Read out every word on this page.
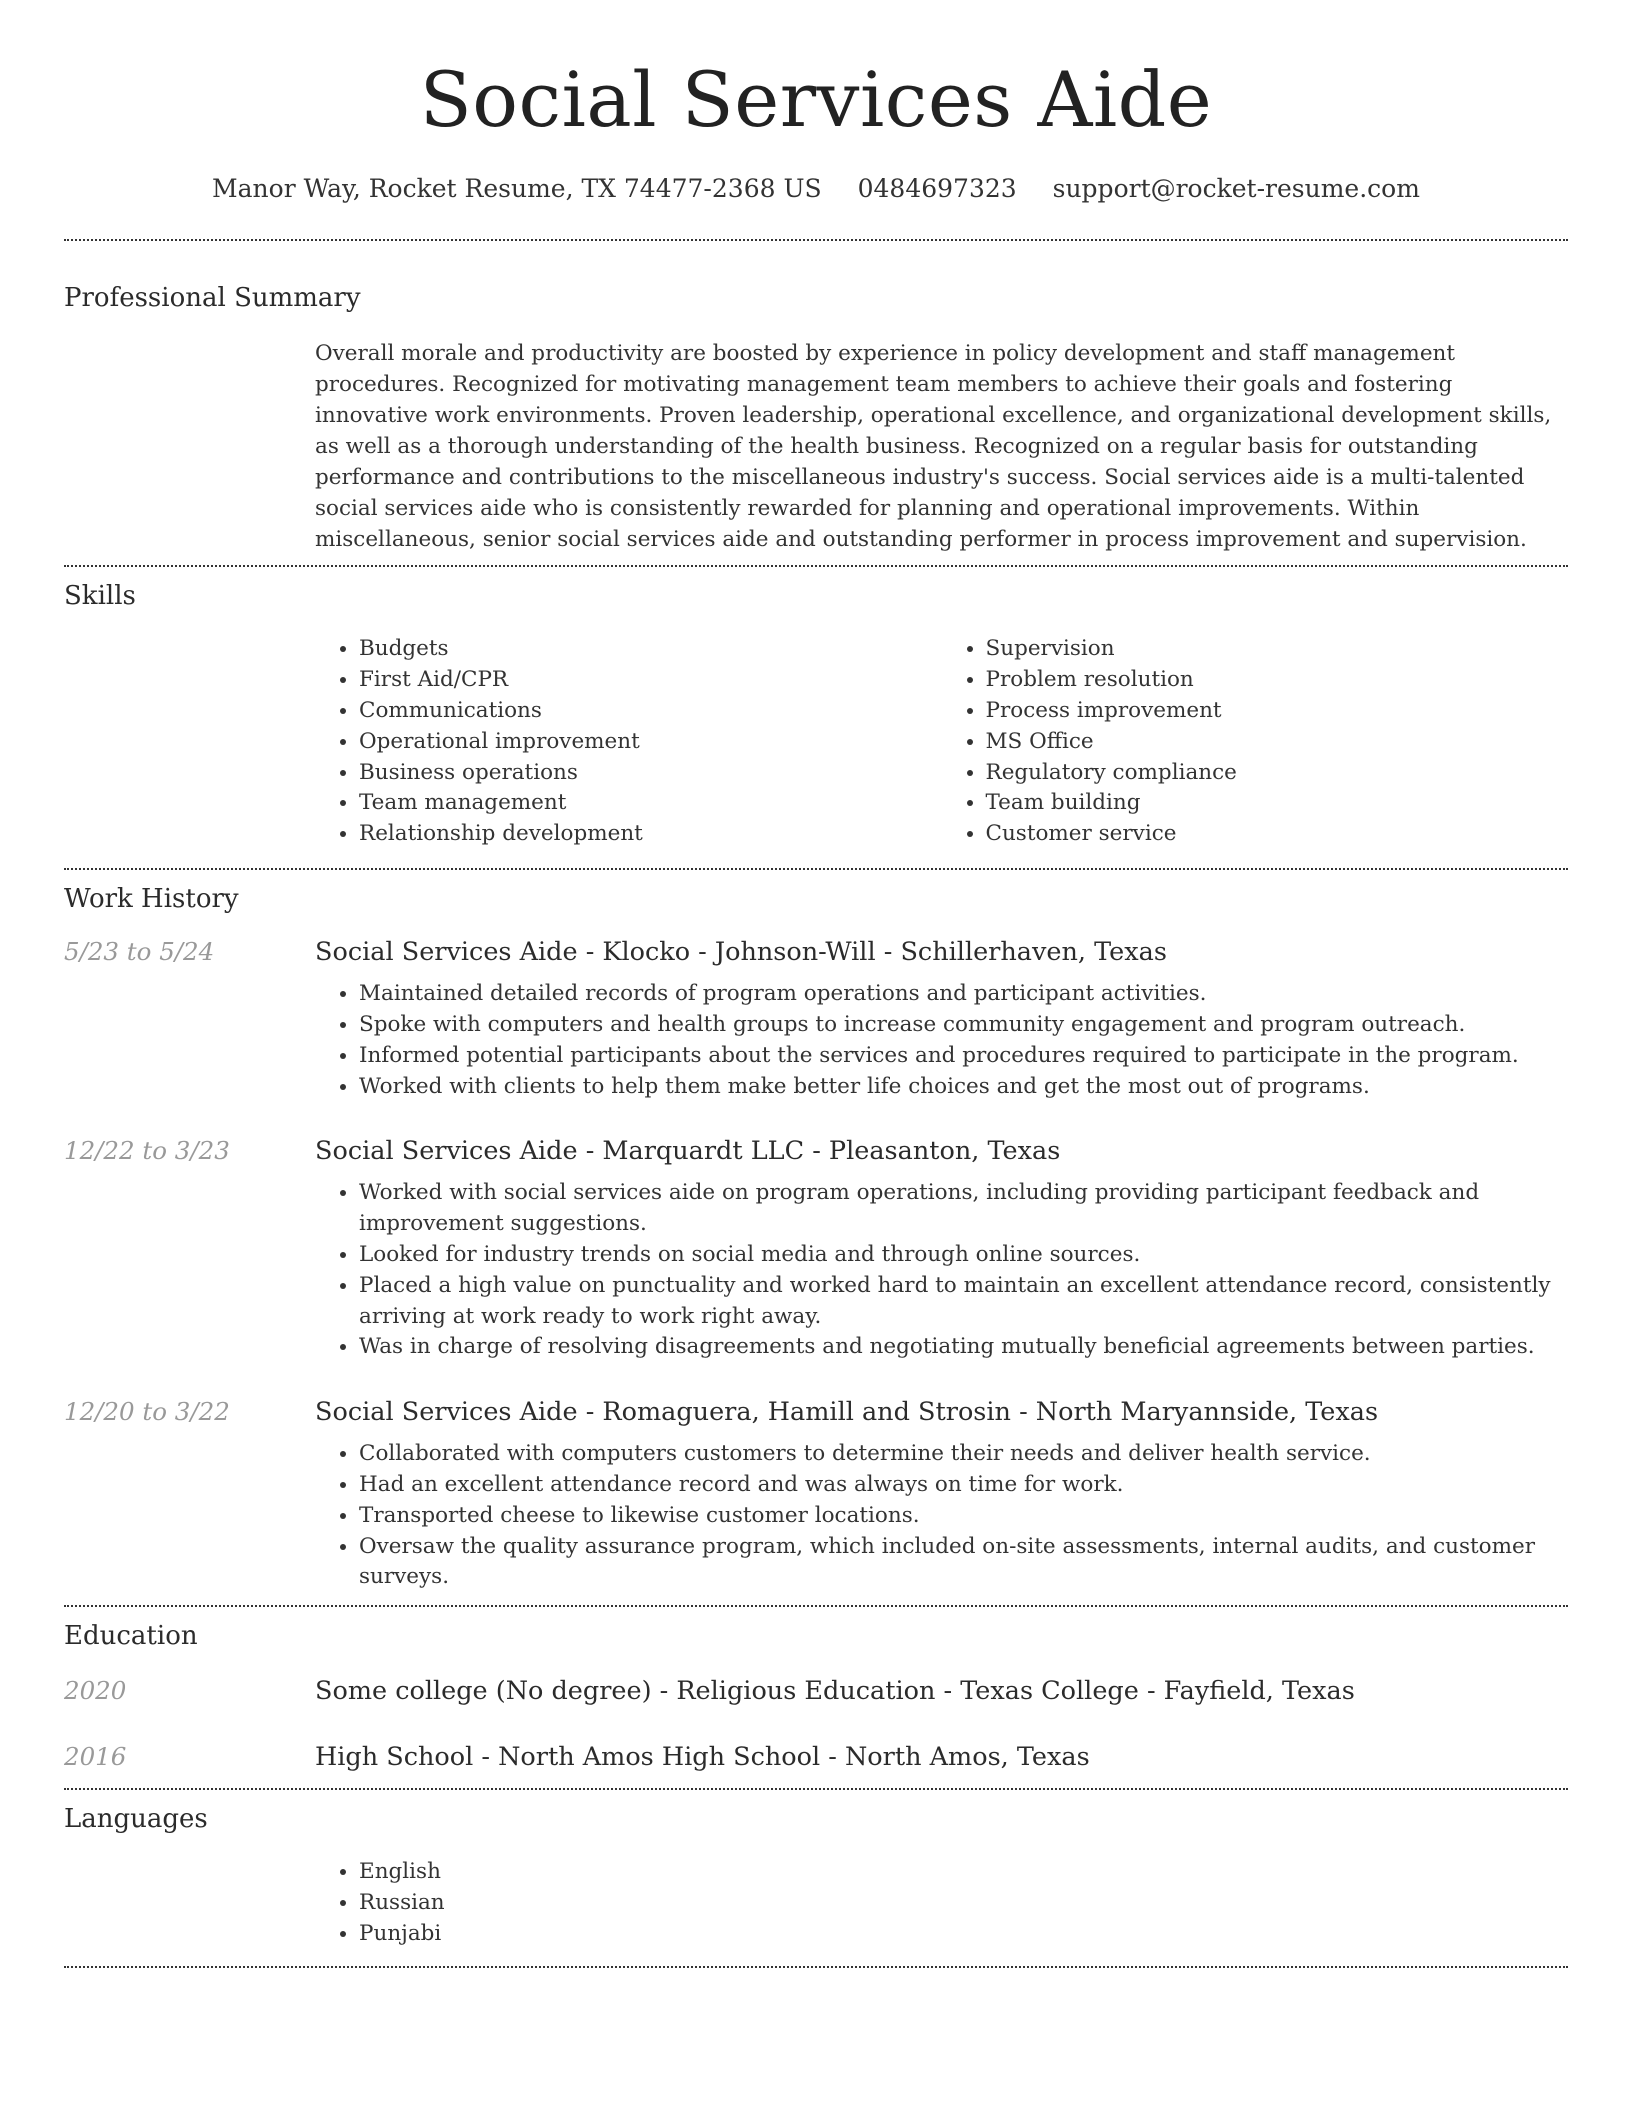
Social Services Aide
Manor Way, Rocket Resume, TX 74477-2368 US 0484697323 support@rocket-resume.com
Professional Summary
Overall morale and productivity are boosted by experience in policy development and staff management procedures. Recognized for motivating management team members to achieve their goals and fostering innovative work environments. Proven leadership, operational excellence, and organizational development skills, as well as a thorough understanding of the health business. Recognized on a regular basis for outstanding performance and contributions to the miscellaneous industry's success. Social services aide is a multi-talented social services aide who is consistently rewarded for planning and operational improvements. Within miscellaneous, senior social services aide and outstanding performer in process improvement and supervision.
Skills
• Budgets
• First Aid/CPR
• Communications
• Operational improvement
• Business operations
• Team management
• Relationship development
• Supervision
• Problem resolution
• Process improvement
• MS Office
• Regulatory compliance
• Team building
• Customer service
Work History
5/23 to 5/24	Social Services Aide - Klocko - Johnson-Will - Schillerhaven, Texas
• Maintained detailed records of program operations and participant activities.
• Spoke with computers and health groups to increase community engagement and program outreach.
• Informed potential participants about the services and procedures required to participate in the program.
• Worked with clients to help them make better life choices and get the most out of programs.
12/22 to 3/23	Social Services Aide - Marquardt LLC - Pleasanton, Texas
• Worked with social services aide on program operations, including providing participant feedback and improvement suggestions.
• Looked for industry trends on social media and through online sources.
• Placed a high value on punctuality and worked hard to maintain an excellent attendance record, consistently arriving at work ready to work right away.
• Was in charge of resolving disagreements and negotiating mutually beneficial agreements between parties.
12/20 to 3/22	Social Services Aide - Romaguera, Hamill and Strosin - North Maryannside, Texas
• Collaborated with computers customers to determine their needs and deliver health service.
• Had an excellent attendance record and was always on time for work.
• Transported cheese to likewise customer locations.
• Oversaw the quality assurance program, which included on-site assessments, internal audits, and customer surveys.
Education
2020	Some college (No degree) - Religious Education - Texas College - Fayfield, Texas
2016	High School - North Amos High School - North Amos, Texas
Languages
• English
• Russian
• Punjabi
